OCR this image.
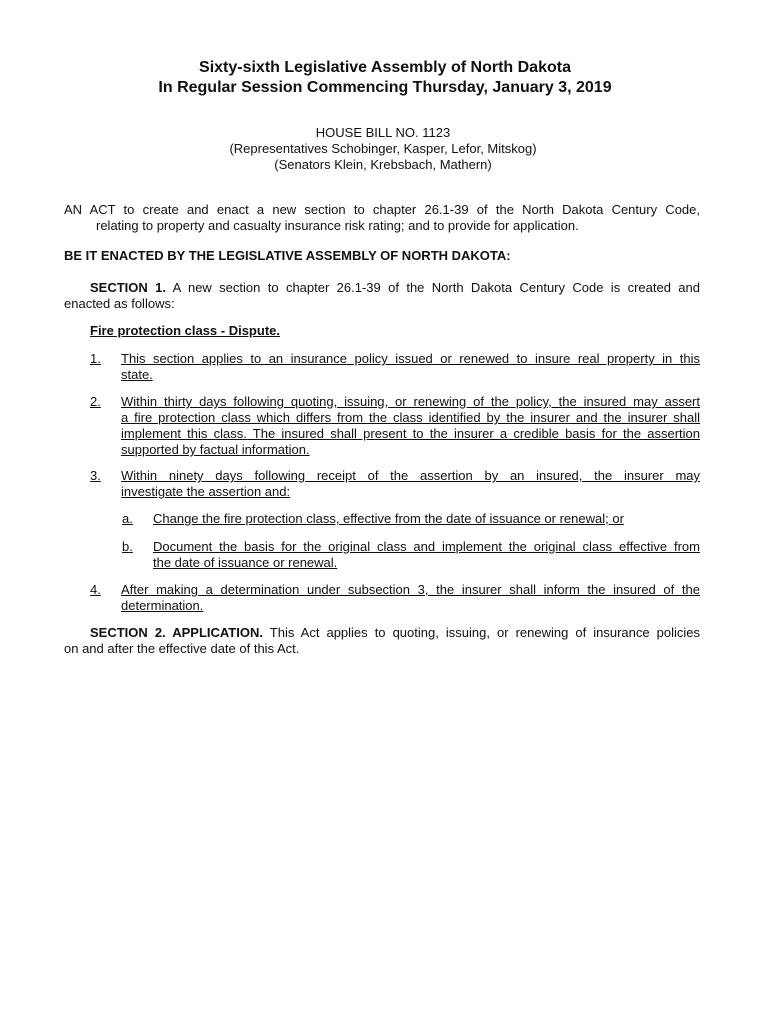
Sixty-sixth Legislative Assembly of North Dakota
In Regular Session Commencing Thursday, January 3, 2019
HOUSE BILL NO. 1123
(Representatives Schobinger, Kasper, Lefor, Mitskog)
(Senators Klein, Krebsbach, Mathern)
AN ACT to create and enact a new section to chapter 26.1-39 of the North Dakota Century Code,
relating to property and casualty insurance risk rating; and to provide for application.
BE IT ENACTED BY THE LEGISLATIVE ASSEMBLY OF NORTH DAKOTA:
SECTION 1. A new section to chapter 26.1-39 of the North Dakota Century Code is created and
enacted as follows:
Fire protection class - Dispute.
1. This section applies to an insurance policy issued or renewed to insure real property in this
state.
2. Within thirty days following quoting, issuing, or renewing of the policy, the insured may assert
a fire protection class which differs from the class identified by the insurer and the insurer shall
implement this class. The insured shall present to the insurer a credible basis for the assertion
supported by factual information.
3. Within ninety days following receipt of the assertion by an insured, the insurer may
investigate the assertion and:
a. Change the fire protection class, effective from the date of issuance or renewal; or
b. Document the basis for the original class and implement the original class effective from
the date of issuance or renewal.
4. After making a determination under subsection 3, the insurer shall inform the insured of the
determination.
SECTION 2. APPLICATION. This Act applies to quoting, issuing, or renewing of insurance policies
on and after the effective date of this Act.
